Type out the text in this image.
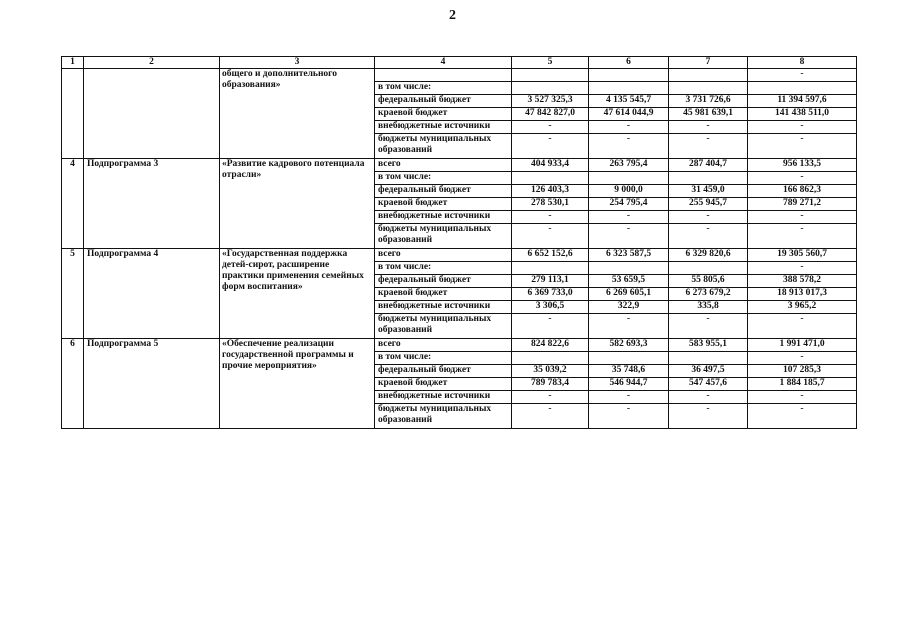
2
1	2	3	4	5	6	7	8
		общего и дополнительного образования»					-
			в том числе:				
			федеральный бюджет	3 527 325,3	4 135 545,7	3 731 726,6	11 394 597,6
			краевой бюджет	47 842 827,0	47 614 044,9	45 981 639,1	141 438 511,0
			внебюджетные источники	-	-	-	-
			бюджеты муниципальных образований	-	-	-	-
4	Подпрограмма 3	«Развитие кадрового потенциала отрасли»	всего	404 933,4	263 795,4	287 404,7	956 133,5
			в том числе:				-
			федеральный бюджет	126 403,3	9 000,0	31 459,0	166 862,3
			краевой бюджет	278 530,1	254 795,4	255 945,7	789 271,2
			внебюджетные источники	-	-	-	-
			бюджеты муниципальных образований	-	-	-	-
5	Подпрограмма 4	«Государственная поддержка детей-сирот, расширение практики применения семейных форм воспитания»	всего	6 652 152,6	6 323 587,5	6 329 820,6	19 305 560,7
			в том числе:				-
			федеральный бюджет	279 113,1	53 659,5	55 805,6	388 578,2
			краевой бюджет	6 369 733,0	6 269 605,1	6 273 679,2	18 913 017,3
			внебюджетные источники	3 306,5	322,9	335,8	3 965,2
			бюджеты муниципальных образований	-	-	-	-
6	Подпрограмма 5	«Обеспечение реализации государственной программы и прочие мероприятия»	всего	824 822,6	582 693,3	583 955,1	1 991 471,0
			в том числе:				-
			федеральный бюджет	35 039,2	35 748,6	36 497,5	107 285,3
			краевой бюджет	789 783,4	546 944,7	547 457,6	1 884 185,7
			внебюджетные источники	-	-	-	-
			бюджеты муниципальных образований	-	-	-	-
